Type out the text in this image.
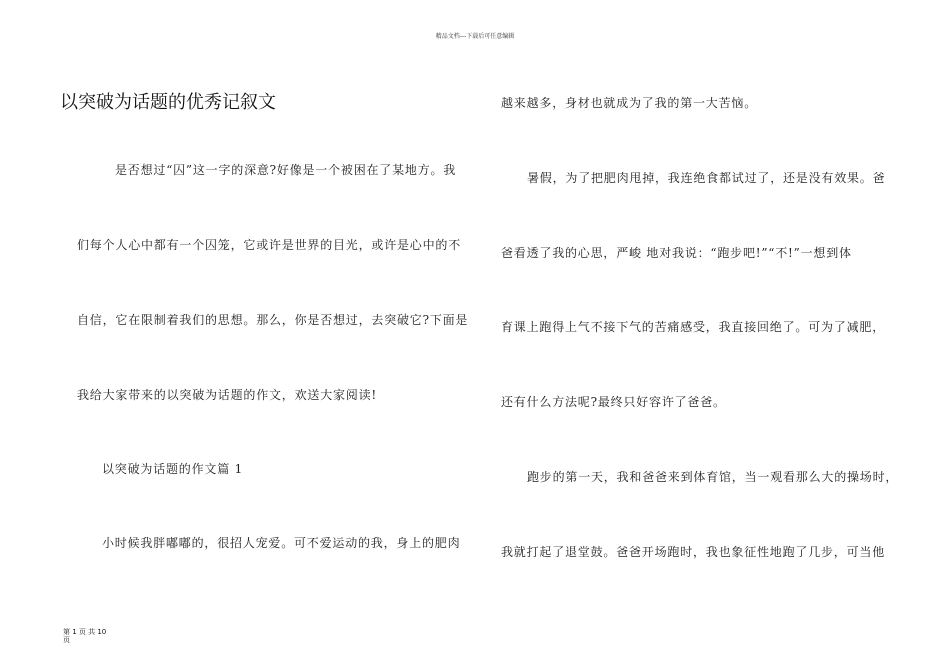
精品文档---下载后可任意编辑
以突破为话题的优秀记叙文
是否想过“囚”这一字的深意?好像是一个被困在了某地方。我
们每个人心中都有一个囚笼，它或许是世界的目光，或许是心中的不
自信，它在限制着我们的思想。那么，你是否想过，去突破它?下面是
我给大家带来的以突破为话题的作文，欢送大家阅读!
以突破为话题的作文篇 1
小时候我胖嘟嘟的，很招人宠爱。可不爱运动的我，身上的肥肉
越来越多，身材也就成为了我的第一大苦恼。
暑假，为了把肥肉甩掉，我连绝食都试过了，还是没有效果。爸
爸看透了我的心思，严峻 地对我说：“跑步吧!”“不!”一想到体
育课上跑得上气不接下气的苦痛感受，我直接回绝了。可为了减肥，
还有什么方法呢?最终只好容许了爸爸。
跑步的第一天，我和爸爸来到体育馆，当一观看那么大的操场时，
我就打起了退堂鼓。爸爸开场跑时，我也象征性地跑了几步，可当他
第 1 页 共 10
页
